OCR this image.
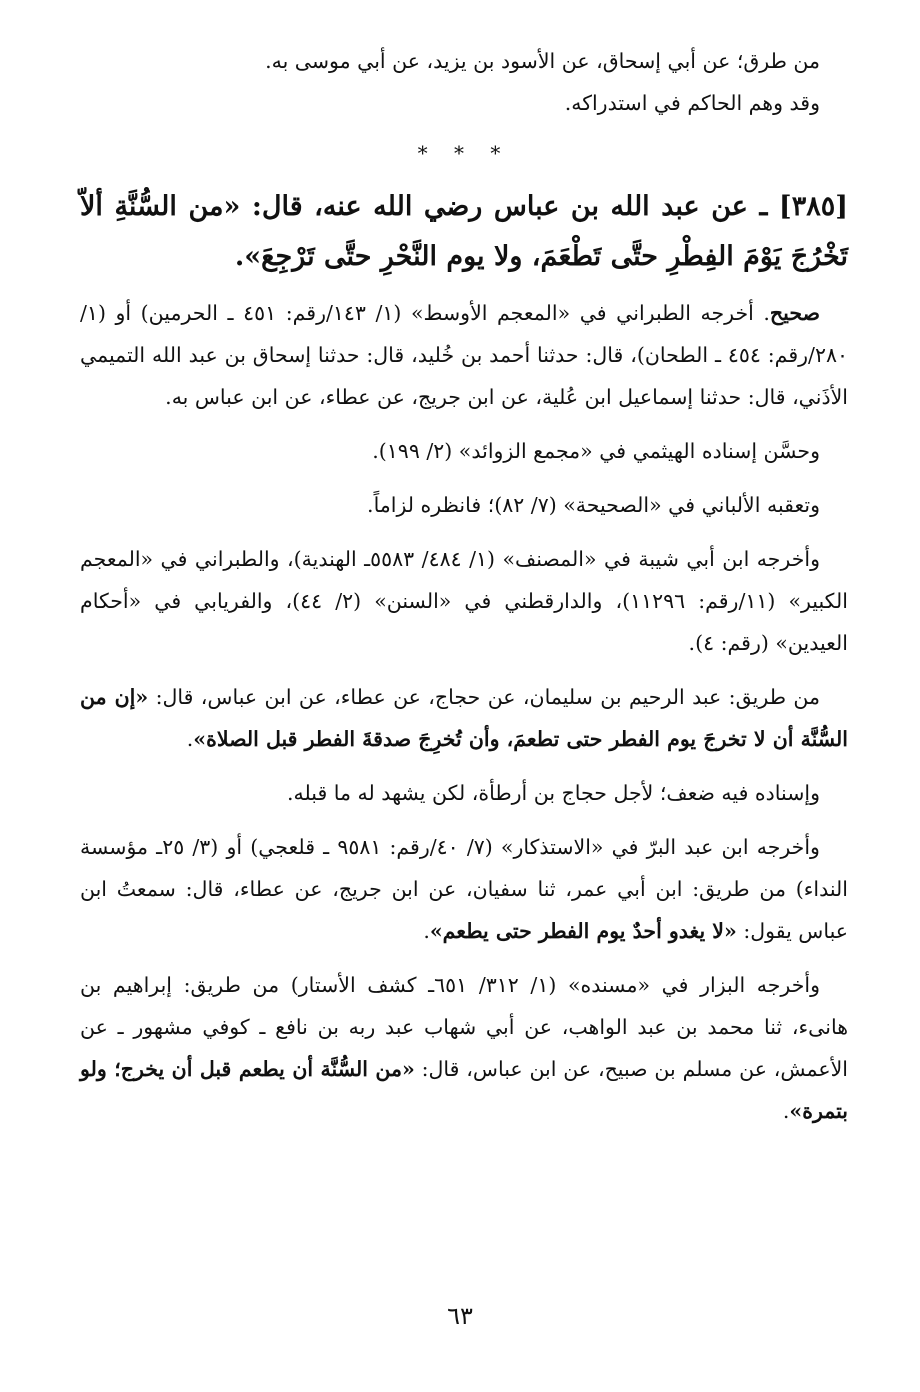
من طرق؛ عن أبي إسحاق، عن الأسود بن يزيد، عن أبي موسى به.

وقد وهم الحاكم في استدراكه.

* * *

[٣٨٥] ـ عن عبد الله بن عباس رضي الله عنه، قال: «من السُّنَّةِ ألاّ تَخْرُجَ يَوْمَ الفِطْرِ حتَّى تَطْعَمَ، ولا يوم النَّحْرِ حتَّى تَرْجِعَ».

صحيح. أخرجه الطبراني في «المعجم الأوسط» (١/ ١٤٣/رقم: ٤٥١ ـ الحرمين) أو (١/ ٢٨٠/رقم: ٤٥٤ ـ الطحان)، قال: حدثنا أحمد بن خُليد، قال: حدثنا إسحاق بن عبد الله التميمي الأذَني، قال: حدثنا إسماعيل ابن عُلية، عن ابن جريج، عن عطاء، عن ابن عباس به.

وحسَّن إسناده الهيثمي في «مجمع الزوائد» (٢/ ١٩٩).

وتعقبه الألباني في «الصحيحة» (٧/ ٨٢)؛ فانظره لزاماً.

وأخرجه ابن أبي شيبة في «المصنف» (١/ ٤٨٤/ ٥٥٨٣ـ الهندية)، والطبراني في «المعجم الكبير» (١١/رقم: ١١٢٩٦)، والدارقطني في «السنن» (٢/ ٤٤)، والفريابي في «أحكام العيدين» (رقم: ٤).

من طريق: عبد الرحيم بن سليمان، عن حجاج، عن عطاء، عن ابن عباس، قال: «إن من السُّنَّة أن لا تخرجَ يوم الفطر حتى تطعمَ، وأن تُخرِجَ صدقةَ الفطر قبل الصلاة».

وإسناده فيه ضعف؛ لأجل حجاج بن أرطأة، لكن يشهد له ما قبله.

وأخرجه ابن عبد البرّ في «الاستذكار» (٧/ ٤٠/رقم: ٩٥٨١ ـ قلعجي) أو (٣/ ٢٥ـ مؤسسة النداء) من طريق: ابن أبي عمر، ثنا سفيان، عن ابن جريج، عن عطاء، قال: سمعتُ ابن عباس يقول: «لا يغدو أحدٌ يوم الفطر حتى يطعم».

وأخرجه البزار في «مسنده» (١/ ٣١٢/ ٦٥١ـ كشف الأستار) من طريق: إبراهيم بن هانىء، ثنا محمد بن عبد الواهب، عن أبي شهاب عبد ربه بن نافع ـ كوفي مشهور ـ عن الأعمش، عن مسلم بن صبيح، عن ابن عباس، قال: «من السُّنَّة أن يطعم قبل أن يخرج؛ ولو بتمرة».

٦٣
